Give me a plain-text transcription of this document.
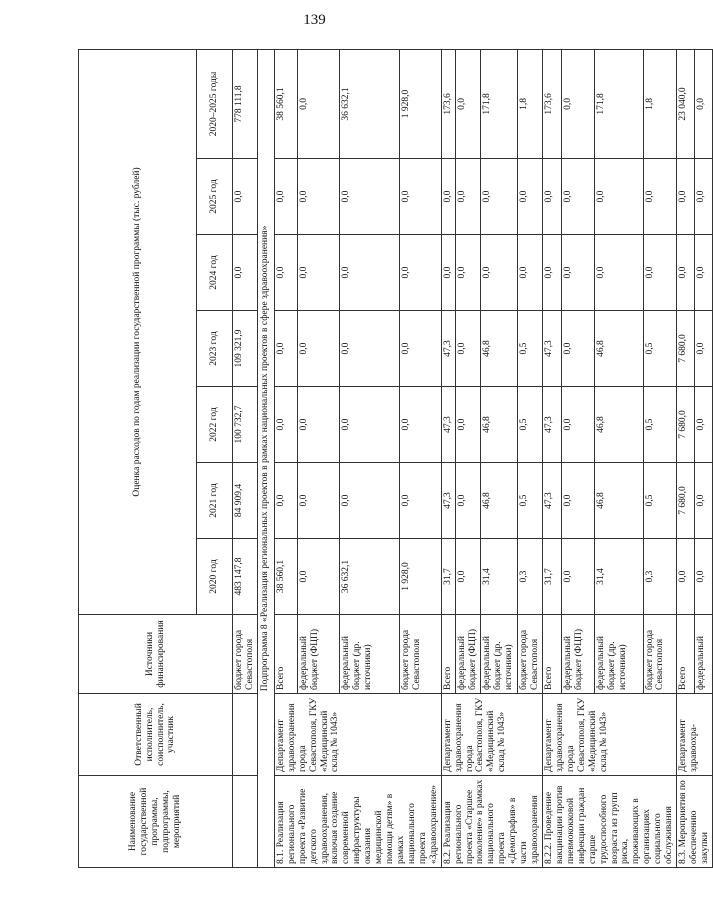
139
Наименование государственной программы, подпрограммы, мероприятий	Ответственный исполнитель, соисполнитель, участник	Источники финансирования	Оценка расходов по годам реализации государственной программы (тыс. рублей)						
			2020 год	2021 год	2022 год	2023 год	2024 год	2025 год	2020–2025 годы
		бюджет города Севастополя	483 147,8	84 909,4	100 732,7	109 321,9	0,0	0,0	778 111,8
Подпрограмма 8 «Реализация региональных проектов в рамках национальных проектов в сфере здравоохранения»									
8.1. Реализация регионального проекта «Развитие детского здравоохранения, включая создание современной инфраструктуры оказания медицинской помощи детям» в рамках национального проекта «Здравоохранение»	Департамент здравоохранения города Севастополя, ГКУ «Медицинский склад № 1043»	Всего	38 560,1	0,0	0,0	0,0	0,0	0,0	38 560,1
		федеральный бюджет (ФЦП)	0,0	0,0	0,0	0,0	0,0	0,0	0,0
		федеральный бюджет (др. источники)	36 632,1	0,0	0,0	0,0	0,0	0,0	36 632,1
		бюджет города Севастополя	1 928,0	0,0	0,0	0,0	0,0	0,0	1 928,0
8.2. Реализация регионального проекта «Старшее поколение» в рамках национального проекта «Демография» в части здравоохранения	Департамент здравоохранения города Севастополя, ГКУ «Медицинский склад № 1043»	Всего	31,7	47,3	47,3	47,3	0,0	0,0	173,6
		федеральный бюджет (ФЦП)	0,0	0,0	0,0	0,0	0,0	0,0	0,0
		федеральный бюджет (др. источники)	31,4	46,8	46,8	46,8	0,0	0,0	171,8
		бюджет города Севастополя	0,3	0,5	0,5	0,5	0,0	0,0	1,8
8.2.2. Проведение вакцинации против пневмококковой инфекции граждан старше трудоспособного возраста из групп риска, проживающих в организациях социального обслуживания	Департамент здравоохранения города Севастополя, ГКУ «Медицинский склад № 1043»	Всего	31,7	47,3	47,3	47,3	0,0	0,0	173,6
		федеральный бюджет (ФЦП)	0,0	0,0	0,0	0,0	0,0	0,0	0,0
		федеральный бюджет (др. источники)	31,4	46,8	46,8	46,8	0,0	0,0	171,8
		бюджет города Севастополя	0,3	0,5	0,5	0,5	0,0	0,0	1,8
8.3. Мероприятия по обеспечению закупки	Департамент здравоохра-	Всего	0,0	7 680,0	7 680,0	7 680,0	0,0	0,0	23 040,0
		федеральный	0,0	0,0	0,0	0,0	0,0	0,0	0,0
